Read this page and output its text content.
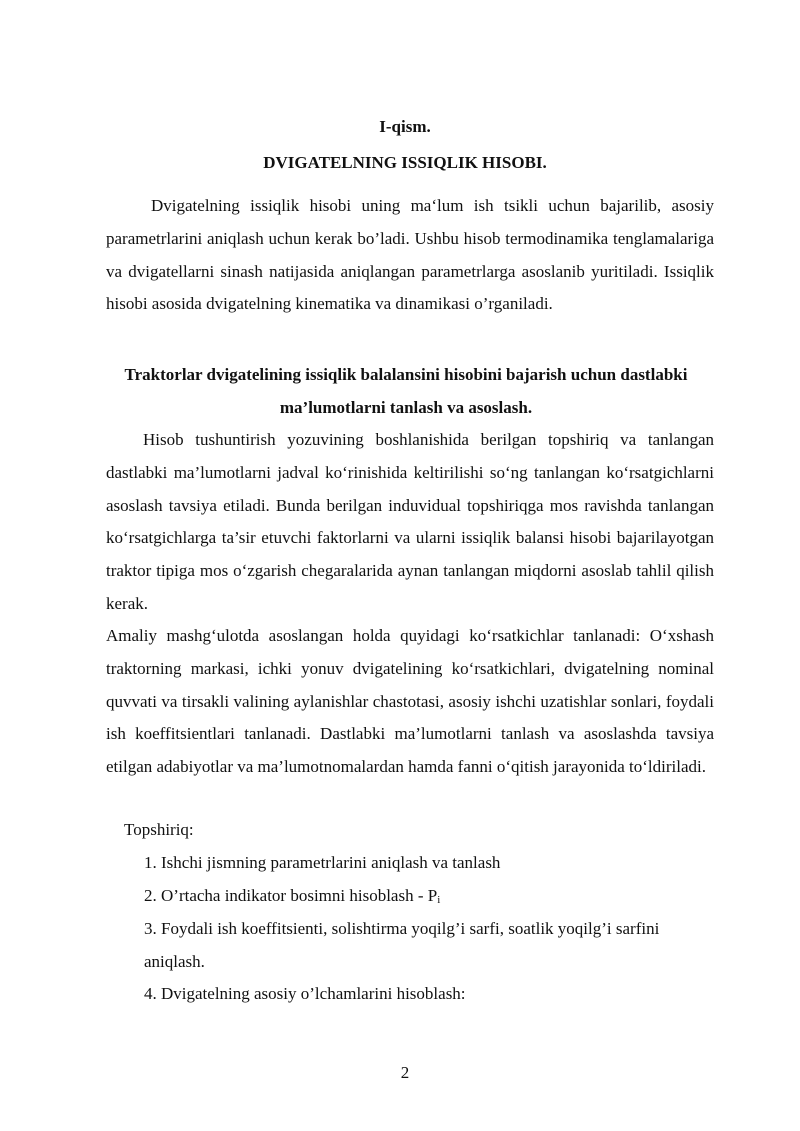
I-qism.
DVIGATELNING ISSIQLIK HISOBI.

Dvigatelning issiqlik hisobi uning ma‘lum ish tsikli uchun bajarilib, asosiy parametrlarini aniqlash uchun kerak bo’ladi. Ushbu hisob termodinamika tenglamalariga va dvigatellarni sinash natijasida aniqlangan parametrlarga asoslanib yuritiladi. Issiqlik hisobi asosida dvigatelning kinematika va dinamikasi o’rganiladi.

Traktorlar dvigatelining issiqlik balalansini hisobini bajarish uchun dastlabki ma’lumotlarni tanlash va asoslash.

Hisob tushuntirish yozuvining boshlanishida berilgan topshiriq va tanlangan dastlabki ma’lumotlarni jadval ko‘rinishida keltirilishi so‘ng tanlangan ko‘rsatgichlarni asoslash tavsiya etiladi. Bunda berilgan induvidual topshiriqga mos ravishda tanlangan ko‘rsatgichlarga ta’sir etuvchi faktorlarni va ularni issiqlik balansi hisobi bajarilayotgan traktor tipiga mos o‘zgarish chegaralarida aynan tanlangan miqdorni asoslab tahlil qilish kerak.

Amaliy mashg‘ulotda asoslangan holda quyidagi ko‘rsatkichlar tanlanadi: O‘xshash traktorning markasi, ichki yonuv dvigatelining ko‘rsatkichlari, dvigatelning nominal quvvati va tirsakli valining aylanishlar chastotasi, asosiy ishchi uzatishlar sonlari, foydali ish koeffitsientlari tanlanadi. Dastlabki ma’lumotlarni tanlash va asoslashda tavsiya etilgan adabiyotlar va ma’lumotnomalardan hamda fanni o‘qitish jarayonida to‘ldiriladi.

Topshiriq:

1. Ishchi jismning parametrlarini aniqlash va tanlash

2. O’rtacha indikator bosimni hisoblash - $P_i$

3. Foydali ish koeffitsienti, solishtirma yoqilg’i sarfi, soatlik yoqilg’i sarfini aniqlash.

4. Dvigatelning asosiy o’lchamlarini hisoblash:

2
